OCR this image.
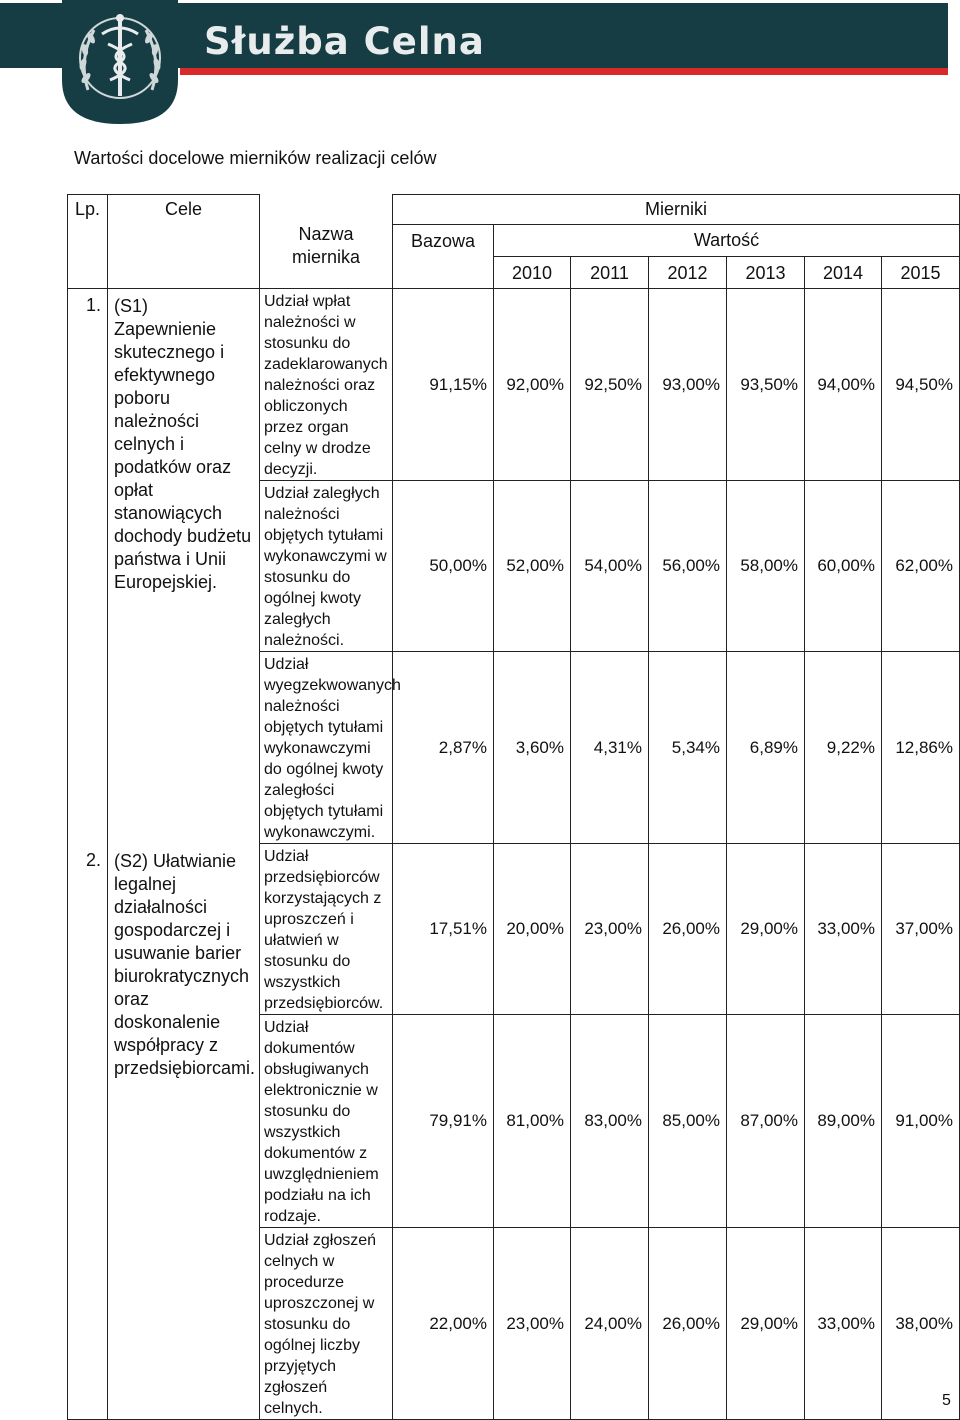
Służba Celna
Wartości docelowe mierników realizacji celów
Lp.	Cele	Nazwa miernika	Mierniki						
			Bazowa	Wartość					
				2010	2011	2012	2013	2014	2015
1.	(S1) Zapewnienie skutecznego i efektywnego poboru należności celnych i podatków oraz opłat stanowiących dochody budżetu państwa i Unii Europejskiej.	Udział wpłat należności w stosunku do zadeklarowanych należności oraz obliczonych przez organ celny w drodze decyzji.	91,15%	92,00%	92,50%	93,00%	93,50%	94,00%	94,50%
		Udział zaległych należności objętych tytułami wykonawczymi w stosunku do ogólnej kwoty zaległych należności.	50,00%	52,00%	54,00%	56,00%	58,00%	60,00%	62,00%
		Udział wyegzekwowanych należności objętych tytułami wykonawczymi do ogólnej kwoty zaległości objętych tytułami wykonawczymi.	2,87%	3,60%	4,31%	5,34%	6,89%	9,22%	12,86%
2.	(S2) Ułatwianie legalnej działalności gospodarczej i usuwanie barier biurokratycznych oraz doskonalenie współpracy z przedsiębiorcami.	Udział przedsiębiorców korzystających z uproszczeń i ułatwień w stosunku do wszystkich przedsiębiorców.	17,51%	20,00%	23,00%	26,00%	29,00%	33,00%	37,00%
		Udział dokumentów obsługiwanych elektronicznie w stosunku do wszystkich dokumentów z uwzględnieniem podziału na ich rodzaje.	79,91%	81,00%	83,00%	85,00%	87,00%	89,00%	91,00%
		Udział zgłoszeń celnych w procedurze uproszczonej w stosunku do ogólnej liczby przyjętych zgłoszeń celnych.	22,00%	23,00%	24,00%	26,00%	29,00%	33,00%	38,00%
5
